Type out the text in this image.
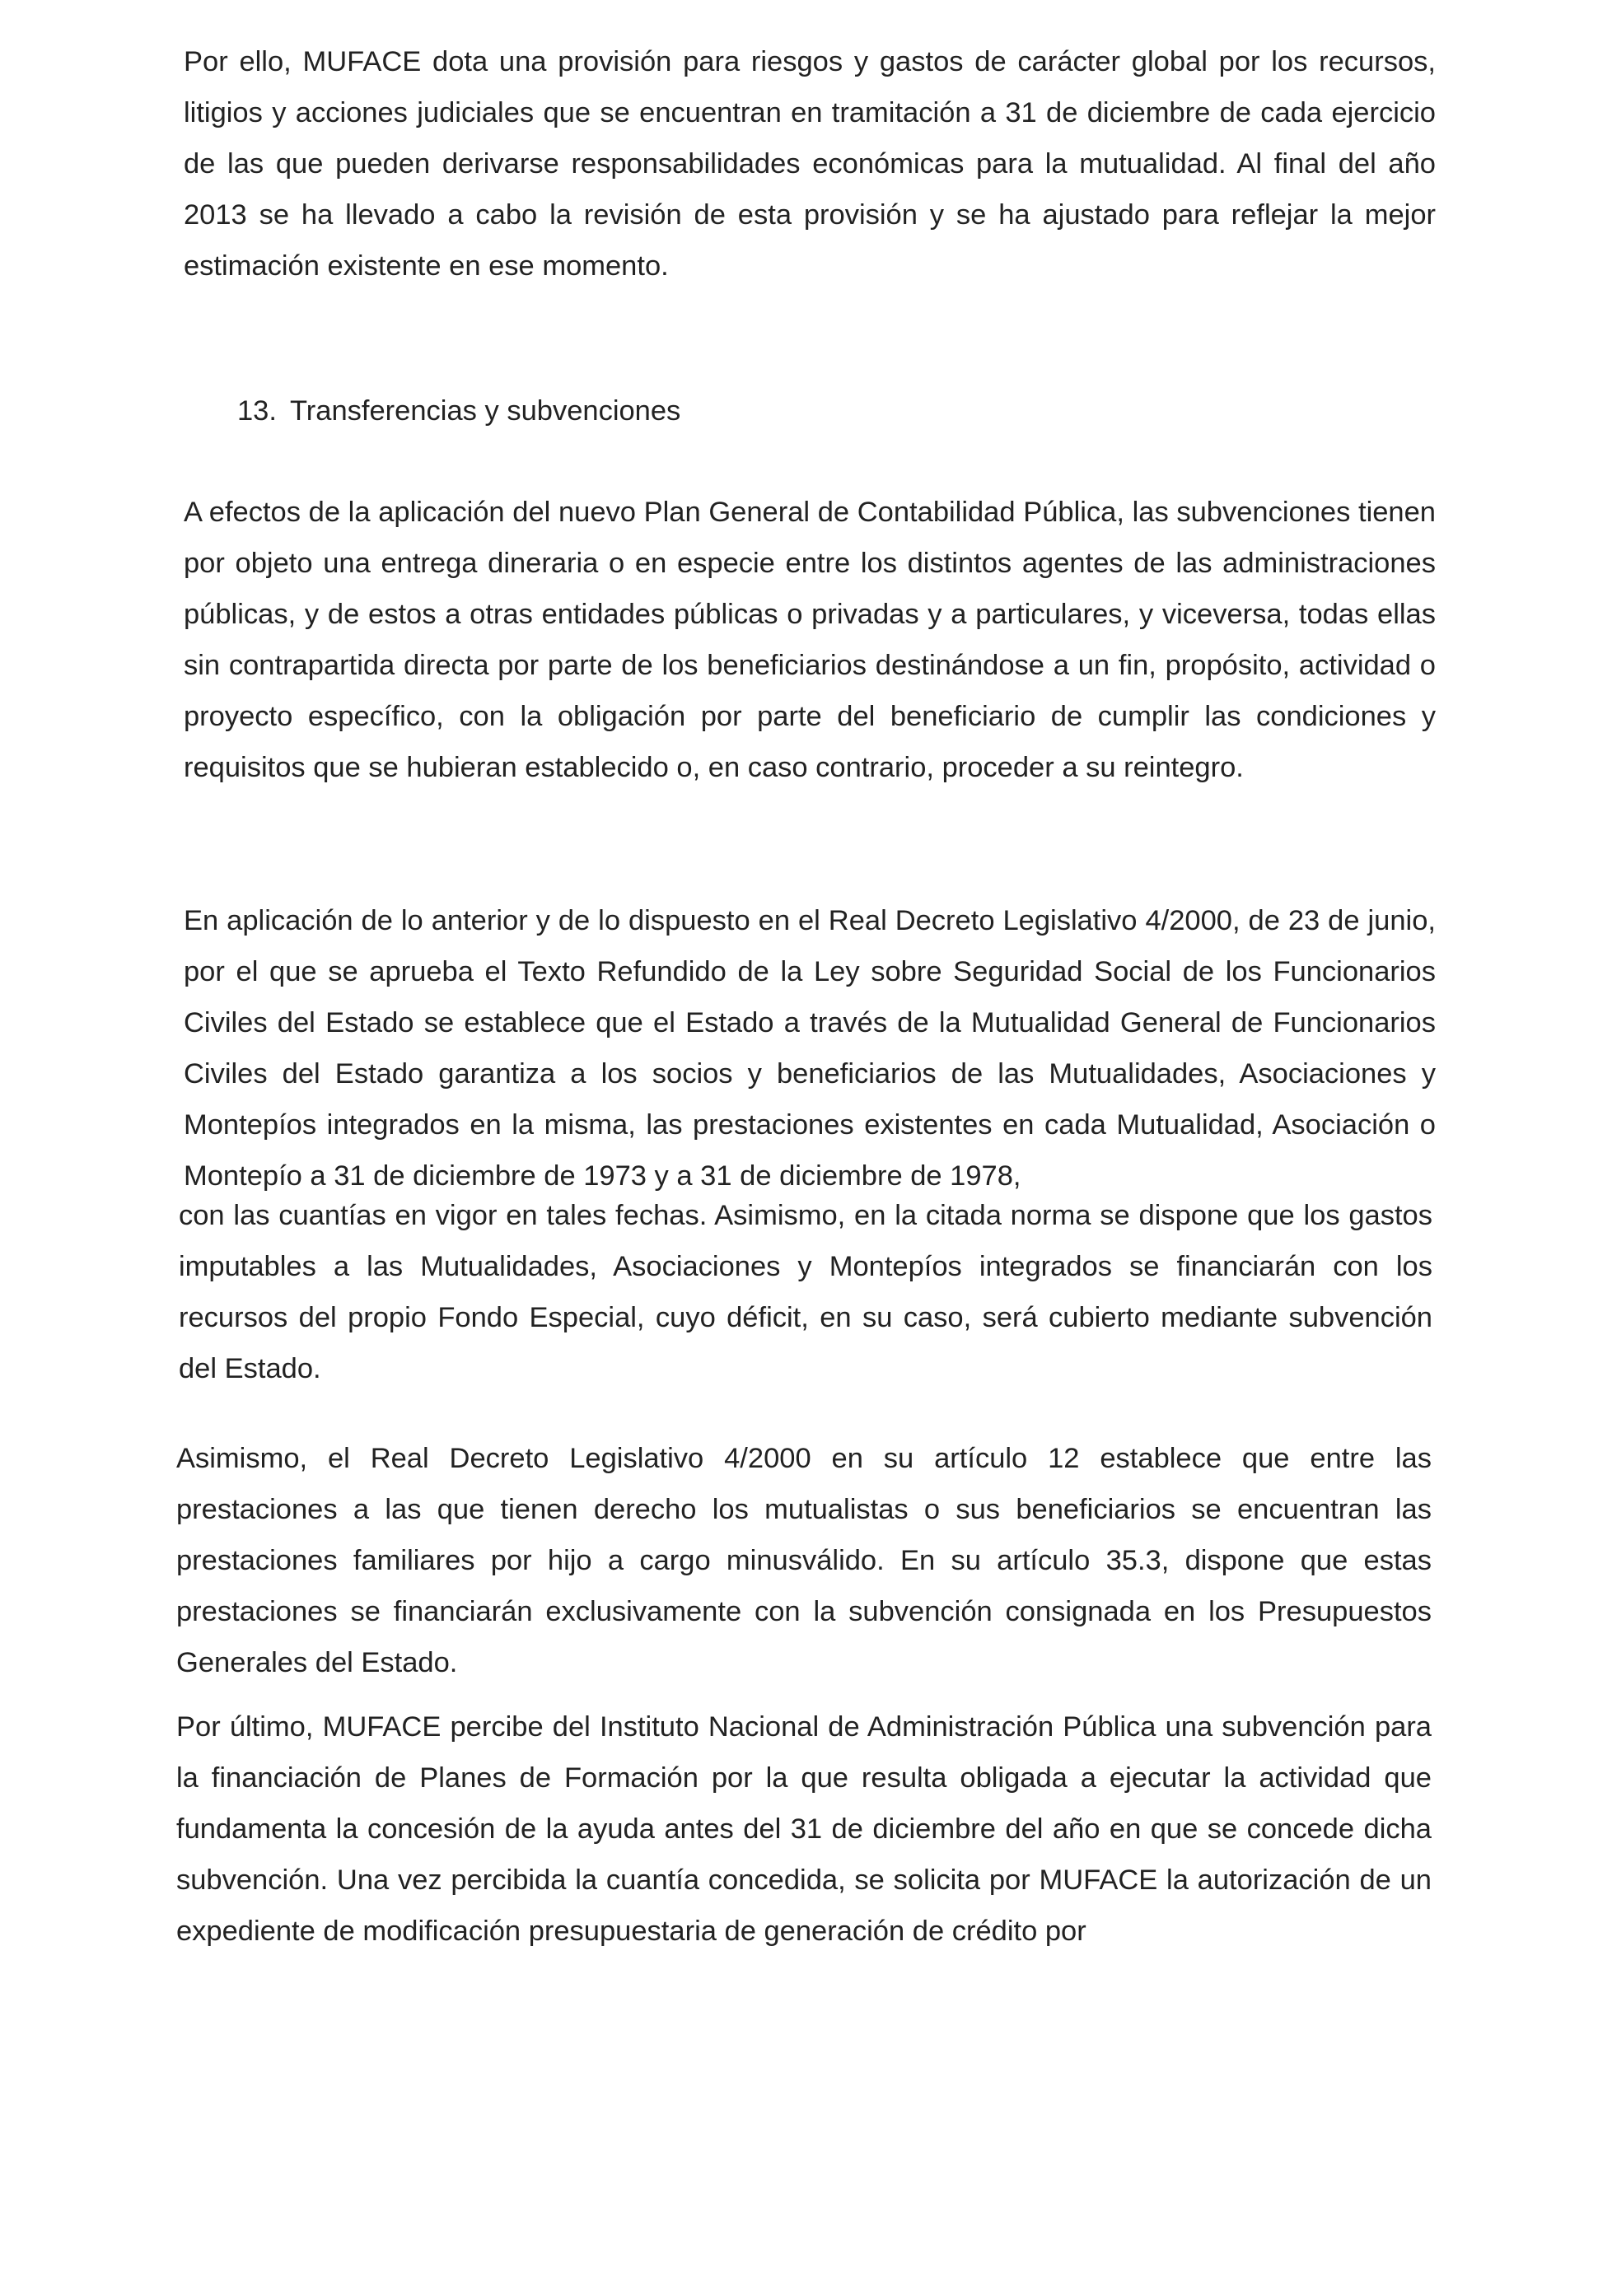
Por ello, MUFACE dota una provisión para riesgos y gastos de carácter global por los recursos, litigios y acciones judiciales que se encuentran en tramitación a 31 de diciembre de cada ejercicio de las que pueden derivarse responsabilidades económicas para la mutualidad. Al final del año 2013 se ha llevado a cabo la revisión de esta provisión y se ha ajustado para reflejar la mejor estimación existente en ese momento.

13. Transferencias y subvenciones

A efectos de la aplicación del nuevo Plan General de Contabilidad Pública, las subvenciones tienen por objeto una entrega dineraria o en especie entre los distintos agentes de las administraciones públicas, y de estos a otras entidades públicas o privadas y a particulares, y viceversa, todas ellas sin contrapartida directa por parte de los beneficiarios destinándose a un fin, propósito, actividad o proyecto específico, con la obligación por parte del beneficiario de cumplir las condiciones y requisitos que se hubieran establecido o, en caso contrario, proceder a su reintegro.

En aplicación de lo anterior y de lo dispuesto en el Real Decreto Legislativo 4/2000, de 23 de junio, por el que se aprueba el Texto Refundido de la Ley sobre Seguridad Social de los Funcionarios Civiles del Estado se establece que el Estado a través de la Mutualidad General de Funcionarios Civiles del Estado garantiza a los socios y beneficiarios de las Mutualidades, Asociaciones y Montepíos integrados en la misma, las prestaciones existentes en cada Mutualidad, Asociación o Montepío a 31 de diciembre de 1973 y a 31 de diciembre de 1978,

con las cuantías en vigor en tales fechas. Asimismo, en la citada norma se dispone que los gastos imputables a las Mutualidades, Asociaciones y Montepíos integrados se financiarán con los recursos del propio Fondo Especial, cuyo déficit, en su caso, será cubierto mediante subvención del Estado.

Asimismo, el Real Decreto Legislativo 4/2000 en su artículo 12 establece que entre las prestaciones a las que tienen derecho los mutualistas o sus beneficiarios se encuentran las prestaciones familiares por hijo a cargo minusválido. En su artículo 35.3, dispone que estas prestaciones se financiarán exclusivamente con la subvención consignada en los Presupuestos Generales del Estado.

Por último, MUFACE percibe del Instituto Nacional de Administración Pública una subvención para la financiación de Planes de Formación por la que resulta obligada a ejecutar la actividad que fundamenta la concesión de la ayuda antes del 31 de diciembre del año en que se concede dicha subvención. Una vez percibida la cuantía concedida, se solicita por MUFACE la autorización de un expediente de modificación presupuestaria de generación de crédito por
